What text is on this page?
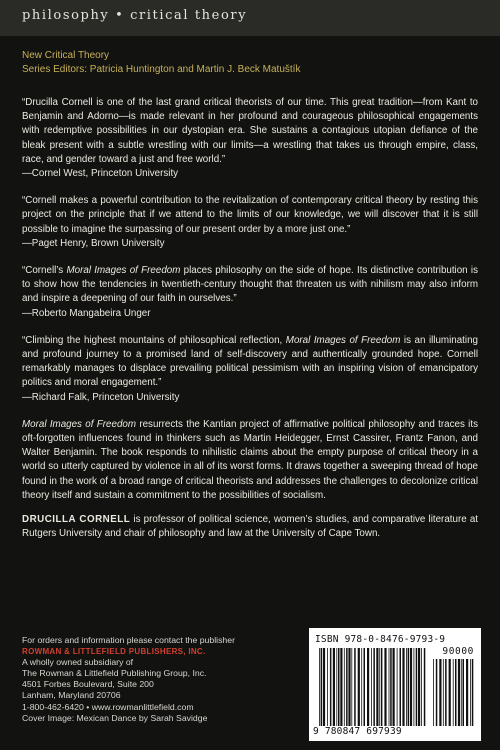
philosophy • critical theory
New Critical Theory
Series Editors: Patricia Huntington and Martin J. Beck Matuštík

“Drucilla Cornell is one of the last grand critical theorists of our time. This great tradition—from Kant to Benjamin and Adorno—is made relevant in her profound and courageous philosophical engagements with redemptive possibilities in our dystopian era. She sustains a contagious utopian defiance of the bleak present with a subtle wrestling with our limits—a wrestling that takes us through empire, class, race, and gender toward a just and free world.”

—Cornel West, Princeton University

“Cornell makes a powerful contribution to the revitalization of contemporary critical theory by resting this project on the principle that if we attend to the limits of our knowledge, we will discover that it is still possible to imagine the surpassing of our present order by a more just one.”

—Paget Henry, Brown University

“Cornell’s Moral Images of Freedom places philosophy on the side of hope. Its distinctive contribution is to show how the tendencies in twentieth-century thought that threaten us with nihilism may also inform and inspire a deepening of our faith in ourselves.”

—Roberto Mangabeira Unger

“Climbing the highest mountains of philosophical reflection, Moral Images of Freedom is an illuminating and profound journey to a promised land of self-discovery and authentically grounded hope. Cornell remarkably manages to displace prevailing political pessimism with an inspiring vision of emancipatory politics and moral engagement.”

—Richard Falk, Princeton University

Moral Images of Freedom resurrects the Kantian project of affirmative political philosophy and traces its oft-forgotten influences found in thinkers such as Martin Heidegger, Ernst Cassirer, Frantz Fanon, and Walter Benjamin. The book responds to nihilistic claims about the empty purpose of critical theory in a world so utterly captured by violence in all of its worst forms. It draws together a sweeping thread of hope found in the work of a broad range of critical theorists and addresses the challenges to decolonize critical theory itself and sustain a commitment to the possibilities of socialism.

DRUCILLA CORNELL is professor of political science, women’s studies, and comparative literature at Rutgers University and chair of philosophy and law at the University of Cape Town.

For orders and information please contact the publisher
ROWMAN & LITTLEFIELD PUBLISHERS, INC.
A wholly owned subsidiary of
The Rowman & Littlefield Publishing Group, Inc.
4501 Forbes Boulevard, Suite 200
Lanham, Maryland 20706
1-800-462-6420 • www.rowmanlittlefield.com
Cover Image: Mexican Dance by Sarah Savidge
ISBN 978-0-8476-9793-9
90000
9 780847 697939
